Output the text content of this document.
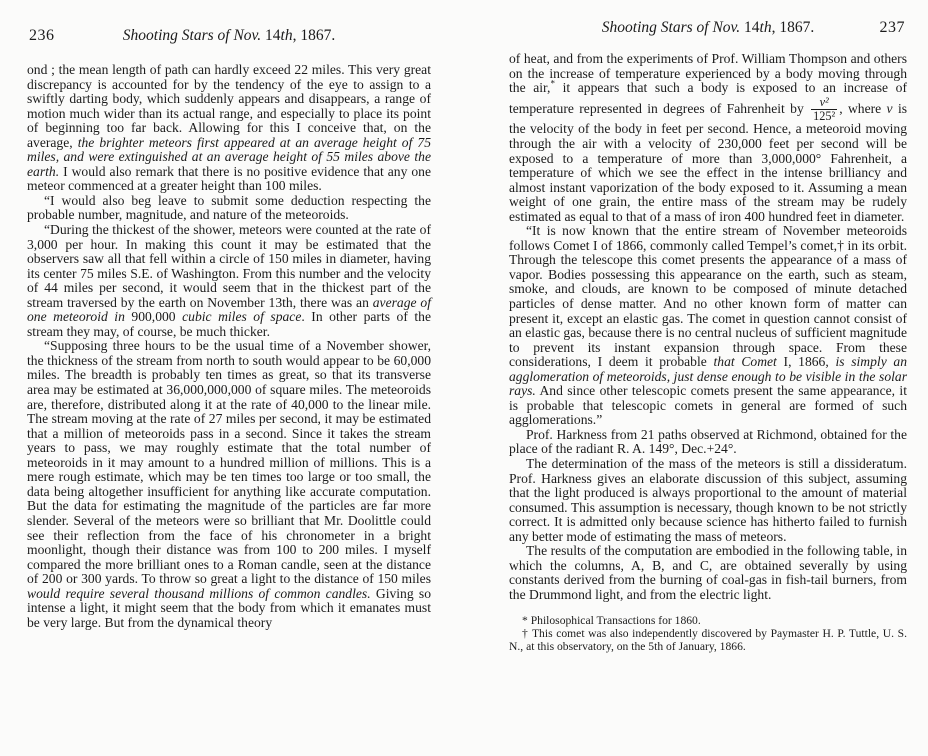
236	Shooting Stars of Nov. 14th, 1867.

ond ; the mean length of path can hardly exceed 22 miles. This very great discrepancy is accounted for by the tendency of the eye to assign to a swiftly darting body, which suddenly appears and disappears, a range of motion much wider than its actual range, and especially to place its point of beginning too far back. Allowing for this I conceive that, on the average, the brighter meteors first appeared at an average height of 75 miles, and were extinguished at an average height of 55 miles above the earth. I would also remark that there is no positive evidence that any one meteor commenced at a greater height than 100 miles.

“I would also beg leave to submit some deduction respecting the probable number, magnitude, and nature of the meteoroids.

“During the thickest of the shower, meteors were counted at the rate of 3,000 per hour. In making this count it may be estimated that the observers saw all that fell within a circle of 150 miles in diameter, having its center 75 miles S.E. of Washington. From this number and the velocity of 44 miles per second, it would seem that in the thickest part of the stream traversed by the earth on November 13th, there was an average of one meteoroid in 900,000 cubic miles of space. In other parts of the stream they may, of course, be much thicker.

“Supposing three hours to be the usual time of a November shower, the thickness of the stream from north to south would appear to be 60,000 miles. The breadth is probably ten times as great, so that its transverse area may be estimated at 36,000,000,000 of square miles. The meteoroids are, therefore, distributed along it at the rate of 40,000 to the linear mile. The stream moving at the rate of 27 miles per second, it may be estimated that a million of meteoroids pass in a second. Since it takes the stream years to pass, we may roughly estimate that the total number of meteoroids in it may amount to a hundred million of millions. This is a mere rough estimate, which may be ten times too large or too small, the data being altogether insufficient for anything like accurate computation. But the data for estimating the magnitude of the particles are far more slender. Several of the meteors were so brilliant that Mr. Doolittle could see their reflection from the face of his chronometer in a bright moonlight, though their distance was from 100 to 200 miles. I myself compared the more brilliant ones to a Roman candle, seen at the distance of 200 or 300 yards. To throw so great a light to the distance of 150 miles would require several thousand millions of common candles. Giving so intense a light, it might seem that the body from which it emanates must be very large. But from the dynamical theory

Shooting Stars of Nov. 14th, 1867.	237

of heat, and from the experiments of Prof. William Thompson and others on the increase of temperature experienced by a body moving through the air,* it appears that such a body is exposed to an increase of temperature represented in degrees of Fahrenheit by $\frac{\text{v²}}{\text{125²}}$ , where v is the velocity of the body in feet per second. Hence, a meteoroid moving through the air with a velocity of 230,000 feet per second will be exposed to a temperature of more than 3,000,000° Fahrenheit, a temperature of which we see the effect in the intense brilliancy and almost instant vaporization of the body exposed to it. Assuming a mean weight of one grain, the entire mass of the stream may be rudely estimated as equal to that of a mass of iron 400 hundred feet in diameter.

“It is now known that the entire stream of November meteoroids follows Comet I of 1866, commonly called Tempel’s comet,† in its orbit. Through the telescope this comet presents the appearance of a mass of vapor. Bodies possessing this appearance on the earth, such as steam, smoke, and clouds, are known to be composed of minute detached particles of dense matter. And no other known form of matter can present it, except an elastic gas. The comet in question cannot consist of an elastic gas, because there is no central nucleus of sufficient magnitude to prevent its instant expansion through space. From these considerations, I deem it probable that Comet I, 1866, is simply an agglomeration of meteoroids, just dense enough to be visible in the solar rays. And since other telescopic comets present the same appearance, it is probable that telescopic comets in general are formed of such agglomerations.”

Prof. Harkness from 21 paths observed at Richmond, obtained for the place of the radiant R. A. 149°, Dec.+24°.

The determination of the mass of the meteors is still a dissideratum. Prof. Harkness gives an elaborate discussion of this subject, assuming that the light produced is always proportional to the amount of material consumed. This assumption is necessary, though known to be not strictly correct. It is admitted only because science has hitherto failed to furnish any better mode of estimating the mass of meteors.

The results of the computation are embodied in the following table, in which the columns, A, B, and C, are obtained severally by using constants derived from the burning of coal-gas in fish-tail burners, from the Drummond light, and from the electric light.

* Philosophical Transactions for 1860.

† This comet was also independently discovered by Paymaster H. P. Tuttle, U. S. N., at this observatory, on the 5th of January, 1866.
